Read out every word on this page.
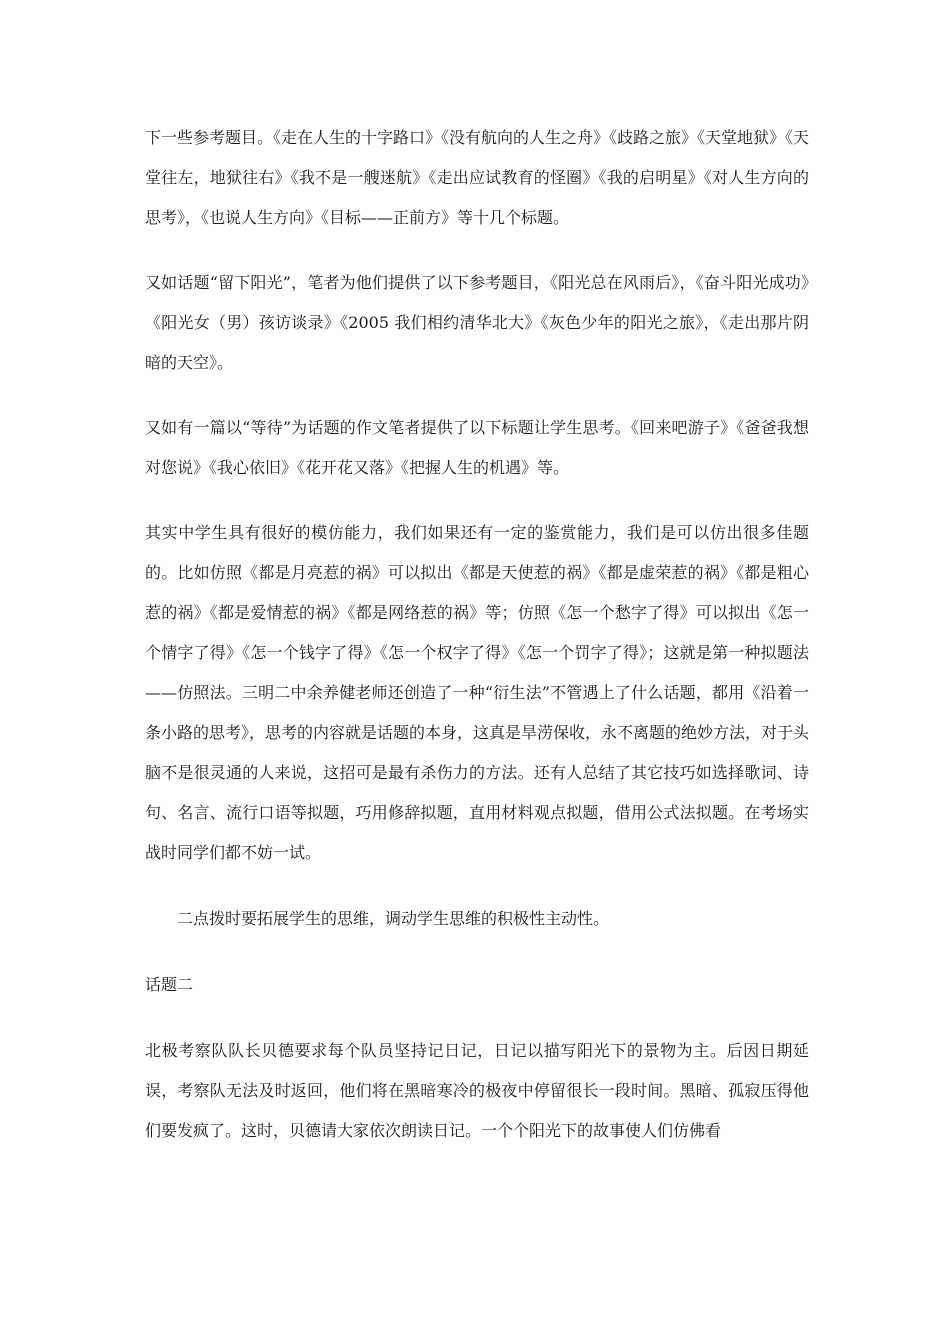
下一些参考题目。《走在人生的十字路口》《没有航向的人生之舟》《歧路之旅》《天堂地狱》《天堂往左，地狱往右》《我不是一艘迷航》《走出应试教育的怪圈》《我的启明星》《对人生方向的思考》，《也说人生方向》《目标——正前方》等十几个标题。

又如话题“留下阳光”，笔者为他们提供了以下参考题目，《阳光总在风雨后》，《奋斗阳光成功》《阳光女（男）孩访谈录》《2005 我们相约清华北大》《灰色少年的阳光之旅》，《走出那片阴暗的天空》。

又如有一篇以“等待”为话题的作文笔者提供了以下标题让学生思考。《回来吧游子》《爸爸我想对您说》《我心依旧》《花开花又落》《把握人生的机遇》等。

其实中学生具有很好的模仿能力，我们如果还有一定的鉴赏能力，我们是可以仿出很多佳题的。比如仿照《都是月亮惹的祸》可以拟出《都是天使惹的祸》《都是虚荣惹的祸》《都是粗心惹的祸》《都是爱情惹的祸》《都是网络惹的祸》等；仿照《怎一个愁字了得》可以拟出《怎一个情字了得》《怎一个钱字了得》《怎一个权字了得》《怎一个罚字了得》；这就是第一种拟题法——仿照法。三明二中余养健老师还创造了一种“衍生法”不管遇上了什么话题，都用《沿着一条小路的思考》，思考的内容就是话题的本身，这真是旱涝保收，永不离题的绝妙方法，对于头脑不是很灵通的人来说，这招可是最有杀伤力的方法。还有人总结了其它技巧如选择歌词、诗句、名言、流行口语等拟题，巧用修辞拟题，直用材料观点拟题，借用公式法拟题。在考场实战时同学们都不妨一试。

二点拨时要拓展学生的思维，调动学生思维的积极性主动性。

话题二

北极考察队队长贝德要求每个队员坚持记日记，日记以描写阳光下的景物为主。后因日期延误，考察队无法及时返回，他们将在黑暗寒冷的极夜中停留很长一段时间。黑暗、孤寂压得他们要发疯了。这时，贝德请大家依次朗读日记。一个个阳光下的故事使人们仿佛看
